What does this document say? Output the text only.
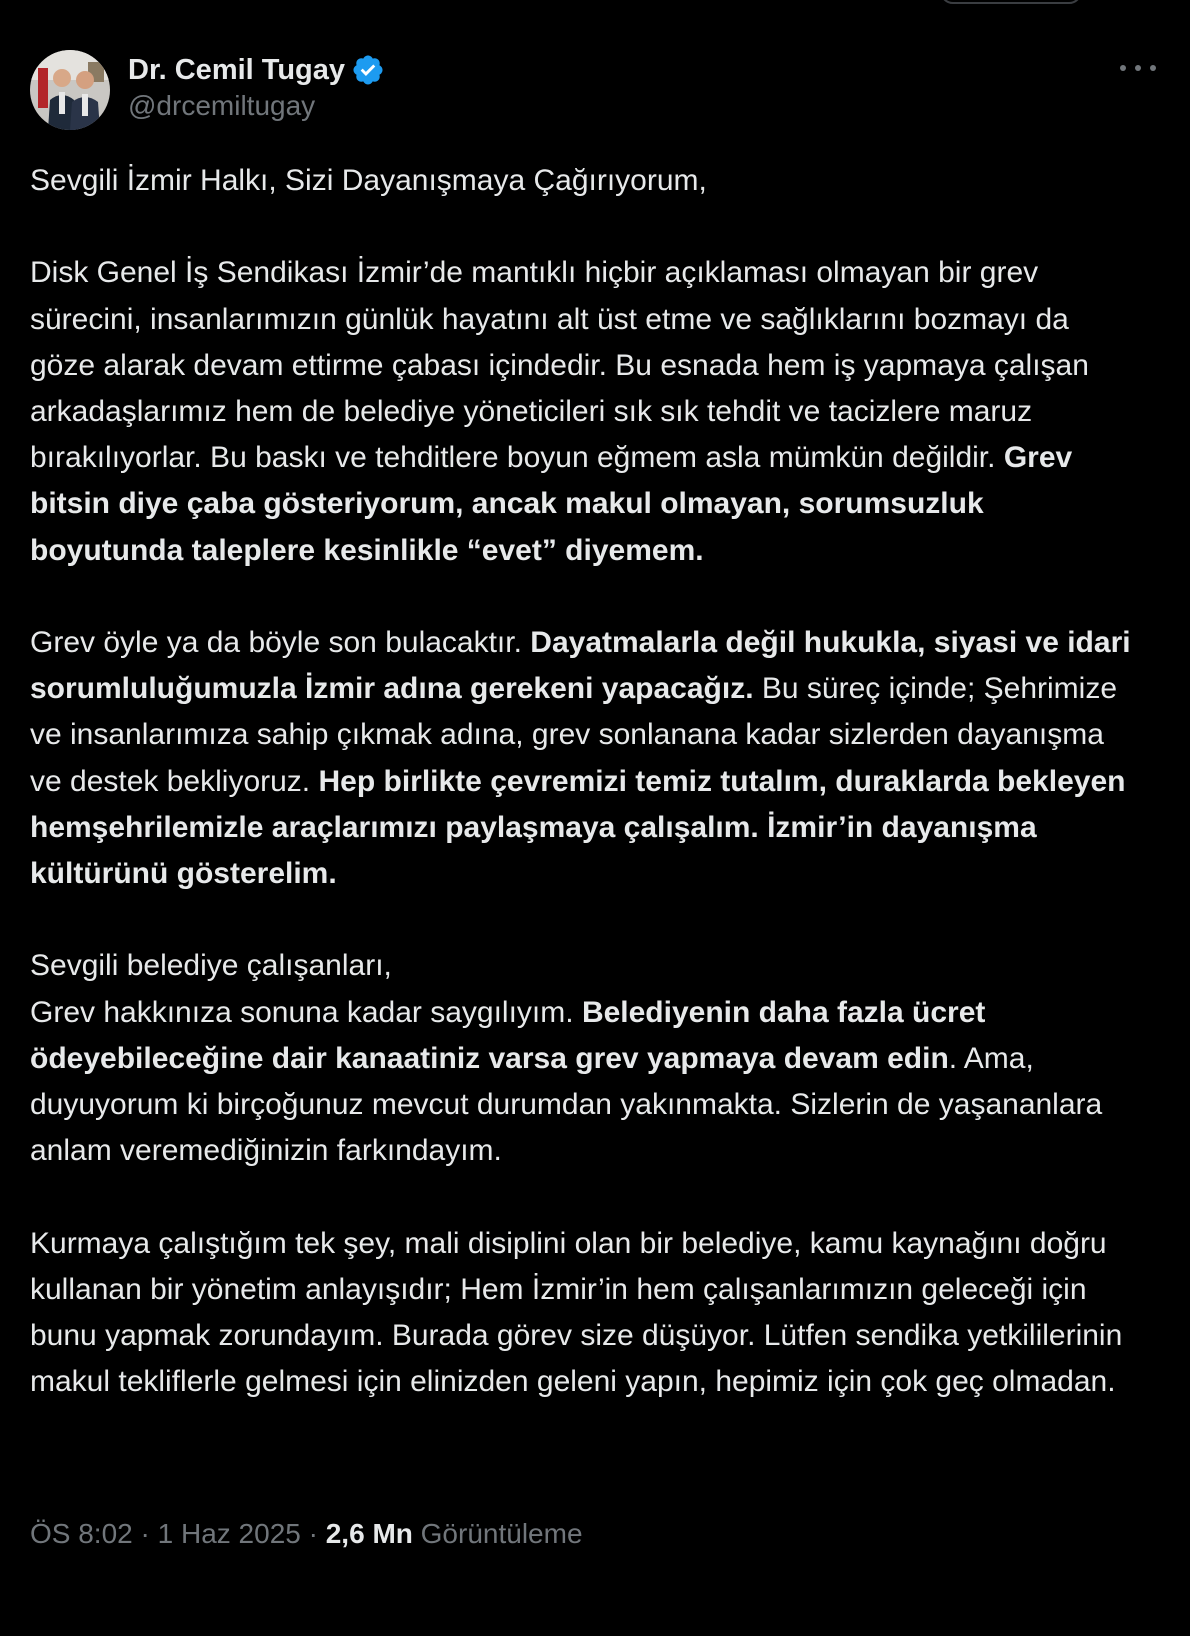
Dr. Cemil Tugay
@drcemiltugay

Sevgili İzmir Halkı, Sizi Dayanışmaya Çağırıyorum,

Disk Genel İş Sendikası İzmir’de mantıklı hiçbir açıklaması olmayan bir grev sürecini, insanlarımızın günlük hayatını alt üst etme ve sağlıklarını bozmayı da göze alarak devam ettirme çabası içindedir. Bu esnada hem iş yapmaya çalışan arkadaşlarımız hem de belediye yöneticileri sık sık tehdit ve tacizlere maruz bırakılıyorlar. Bu baskı ve tehditlere boyun eğmem asla mümkün değildir. Grev bitsin diye çaba gösteriyorum, ancak makul olmayan, sorumsuzluk boyutunda taleplere kesinlikle “evet” diyemem.

Grev öyle ya da böyle son bulacaktır. Dayatmalarla değil hukukla, siyasi ve idari sorumluluğumuzla İzmir adına gerekeni yapacağız. Bu süreç içinde; Şehrimize ve insanlarımıza sahip çıkmak adına, grev sonlanana kadar sizlerden dayanışma ve destek bekliyoruz. Hep birlikte çevremizi temiz tutalım, duraklarda bekleyen hemşehrilemizle araçlarımızı paylaşmaya çalışalım. İzmir’in dayanışma kültürünü gösterelim.

Sevgili belediye çalışanları,
Grev hakkınıza sonuna kadar saygılıyım. Belediyenin daha fazla ücret ödeyebileceğine dair kanaatiniz varsa grev yapmaya devam edin. Ama, duyuyorum ki birçoğunuz mevcut durumdan yakınmakta. Sizlerin de yaşananlara anlam veremediğinizin farkındayım.

Kurmaya çalıştığım tek şey, mali disiplini olan bir belediye, kamu kaynağını doğru kullanan bir yönetim anlayışıdır; Hem İzmir’in hem çalışanlarımızın geleceği için bunu yapmak zorundayım. Burada görev size düşüyor. Lütfen sendika yetkililerinin makul tekliflerle gelmesi için elinizden geleni yapın, hepimiz için çok geç olmadan.

ÖS 8:02 · 1 Haz 2025 · 2,6 Mn Görüntüleme
